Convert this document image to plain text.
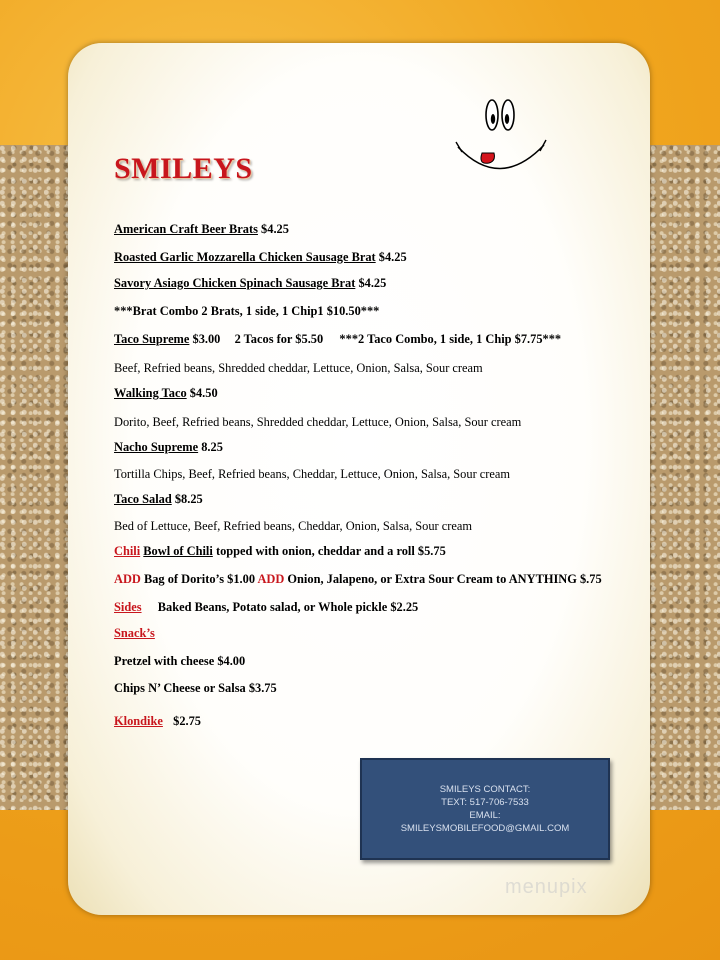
SMILEYS
American Craft Beer Brats $4.25
Roasted Garlic Mozzarella Chicken Sausage Brat $4.25
Savory Asiago Chicken Spinach Sausage Brat $4.25
***Brat Combo 2 Brats, 1 side, 1 Chip1 $10.50***
Taco Supreme $3.00 2 Tacos for $5.50 ***2 Taco Combo, 1 side, 1 Chip $7.75***
Beef, Refried beans, Shredded cheddar, Lettuce, Onion, Salsa, Sour cream
Walking Taco $4.50
Dorito, Beef, Refried beans, Shredded cheddar, Lettuce, Onion, Salsa, Sour cream
Nacho Supreme 8.25
Tortilla Chips, Beef, Refried beans, Cheddar, Lettuce, Onion, Salsa, Sour cream
Taco Salad $8.25
Bed of Lettuce, Beef, Refried beans, Cheddar, Onion, Salsa, Sour cream
Chili Bowl of Chili topped with onion, cheddar and a roll $5.75
ADD Bag of Dorito’s $1.00 ADD Onion, Jalapeno, or Extra Sour Cream to ANYTHING $.75
Sides Baked Beans, Potato salad, or Whole pickle $2.25
Snack’s
Pretzel with cheese $4.00
Chips N’ Cheese or Salsa $3.75
Klondike $2.75
SMILEYS CONTACT:
TEXT: 517-706-7533
EMAIL:
SMILEYSMOBILEFOOD@GMAIL.COM
menupix
